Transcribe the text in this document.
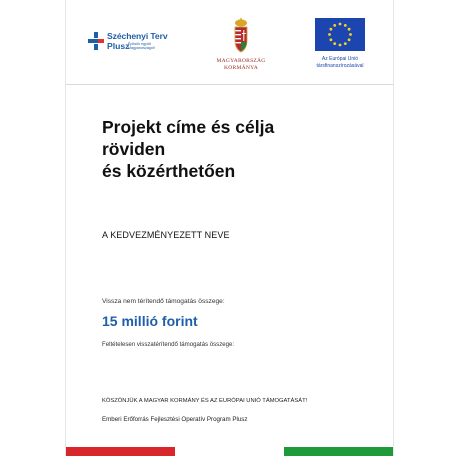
Széchenyi Terv
Plusz
Építsük együtt Magyarországot!
MAGYARORSZÁG
KORMÁNYA
Az Európai Unió
társfinanszírozásával
Projekt címe és célja
röviden
és közérthetően
A KEDVEZMÉNYEZETT NEVE
Vissza nem térítendő támogatás összege:
15 millió forint
Feltételesen visszatérítendő támogatás összege:
KÖSZÖNJÜK A MAGYAR KORMÁNY ÉS AZ EURÓPAI UNIÓ TÁMOGATÁSÁT!
Emberi Erőforrás Fejlesztési Operatív Program Plusz
